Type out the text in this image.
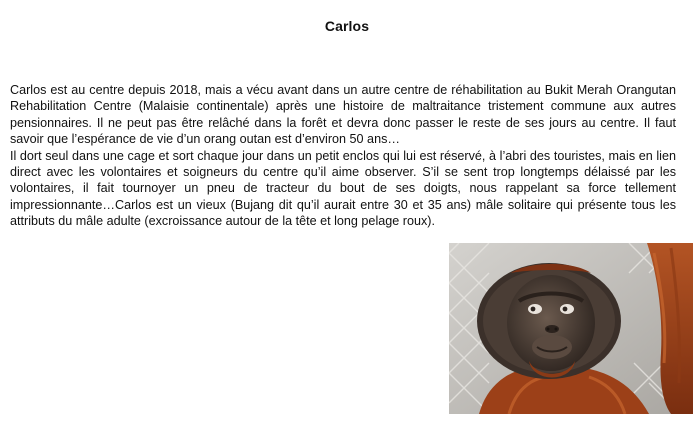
Carlos

Carlos est au centre depuis 2018, mais a vécu avant dans un autre centre de réhabilitation au Bukit Merah Orangutan Rehabilitation Centre (Malaisie continentale) après une histoire de maltraitance tristement commune aux autres pensionnaires. Il ne peut pas être relâché dans la forêt et devra donc passer le reste de ses jours au centre. Il faut savoir que l’espérance de vie d’un orang outan est d’environ 50 ans…

Il dort seul dans une cage et sort chaque jour dans un petit enclos qui lui est réservé, à l’abri des touristes, mais en lien direct avec les volontaires et soigneurs du centre qu’il aime observer. S’il se sent trop longtemps délaissé par les volontaires, il fait tournoyer un pneu de tracteur du bout de ses doigts, nous rappelant sa force tellement impressionnante…Carlos est un vieux (Bujang dit qu’il aurait entre 30 et 35 ans) mâle solitaire qui présente tous les attributs du mâle adulte (excroissance autour de la tête et long pelage roux).
